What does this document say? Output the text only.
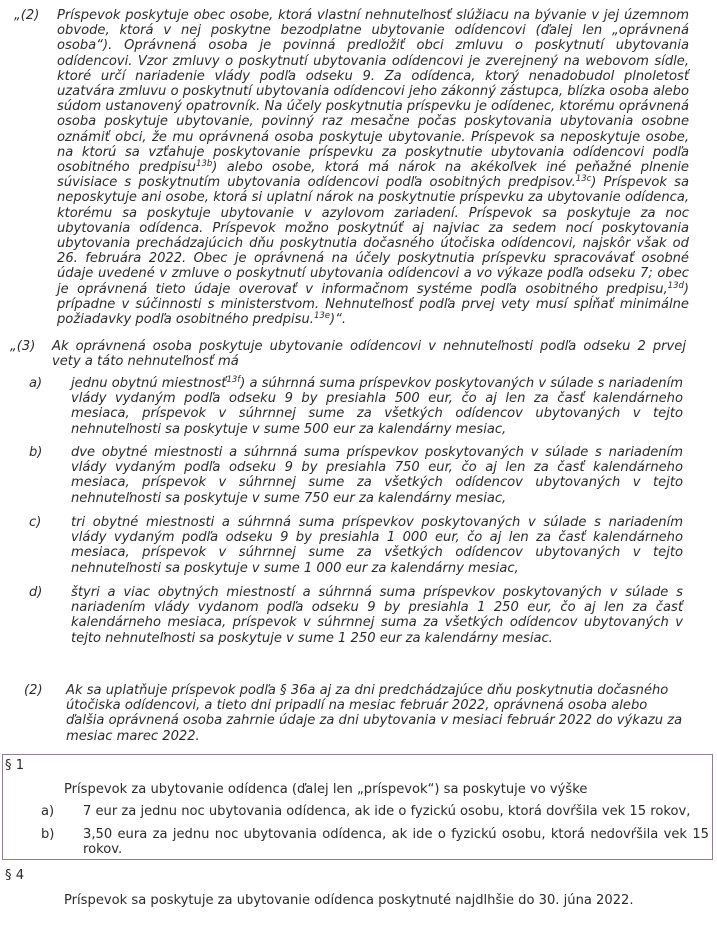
„(2) Príspevok poskytuje obec osobe, ktorá vlastní nehnuteľnosť slúžiacu na bývanie v jej územnom obvode, ktorá v nej poskytne bezodplatne ubytovanie odídencovi (ďalej len „oprávnená osoba“). Oprávnená osoba je povinná predložiť obci zmluvu o poskytnutí ubytovania odídencovi. Vzor zmluvy o poskytnutí ubytovania odídencovi je zverejnený na webovom sídle, ktoré určí nariadenie vlády podľa odseku 9. Za odídenca, ktorý nenadobudol plnoletosť uzatvára zmluvu o poskytnutí ubytovania odídencovi jeho zákonný zástupca, blízka osoba alebo súdom ustanovený opatrovník. Na účely poskytnutia príspevku je odídenec, ktorému oprávnená osoba poskytuje ubytovanie, povinný raz mesačne počas poskytovania ubytovania osobne oznámiť obci, že mu oprávnená osoba poskytuje ubytovanie. Príspevok sa neposkytuje osobe, na ktorú sa vzťahuje poskytovanie príspevku za poskytnutie ubytovania odídencovi podľa osobitného predpisu$^{13b}$) alebo osobe, ktorá má nárok na akékoľvek iné peňažné plnenie súvisiace s poskytnutím ubytovania odídencovi podľa osobitných predpisov.$^{13c}$) Príspevok sa neposkytuje ani osobe, ktorá si uplatní nárok na poskytnutie príspevku za ubytovanie odídenca, ktorému sa poskytuje ubytovanie v azylovom zariadení. Príspevok sa poskytuje za noc ubytovania odídenca. Príspevok možno poskytnúť aj najviac za sedem nocí poskytovania ubytovania prechádzajúcich dňu poskytnutia dočasného útočiska odídencovi, najskôr však od 26. februára 2022. Obec je oprávnená na účely poskytnutia príspevku spracovávať osobné údaje uvedené v zmluve o poskytnutí ubytovania odídencovi a vo výkaze podľa odseku 7; obec je oprávnená tieto údaje overovať v informačnom systéme podľa osobitného predpisu,$^{13d}$) prípadne v súčinnosti s ministerstvom. Nehnuteľnosť podľa prvej vety musí spĺňať minimálne požiadavky podľa osobitného predpisu.$^{13e}$)“.

„(3) Ak oprávnená osoba poskytuje ubytovanie odídencovi v nehnuteľnosti podľa odseku 2 prvej vety a táto nehnuteľnosť má

a) jednu obytnú miestnosť$^{13f}$) a súhrnná suma príspevkov poskytovaných v súlade s nariadením vlády vydaným podľa odseku 9 by presiahla 500 eur, čo aj len za časť kalendárneho mesiaca, príspevok v súhrnnej sume za všetkých odídencov ubytovaných v tejto nehnuteľnosti sa poskytuje v sume 500 eur za kalendárny mesiac,

b) dve obytné miestnosti a súhrnná suma príspevkov poskytovaných v súlade s nariadením vlády vydaným podľa odseku 9 by presiahla 750 eur, čo aj len za časť kalendárneho mesiaca, príspevok v súhrnnej sume za všetkých odídencov ubytovaných v tejto nehnuteľnosti sa poskytuje v sume 750 eur za kalendárny mesiac,

c) tri obytné miestnosti a súhrnná suma príspevkov poskytovaných v súlade s nariadením vlády vydaným podľa odseku 9 by presiahla 1 000 eur, čo aj len za časť kalendárneho mesiaca, príspevok v súhrnnej sume za všetkých odídencov ubytovaných v tejto nehnuteľnosti sa poskytuje v sume 1 000 eur za kalendárny mesiac,

d) štyri a viac obytných miestností a súhrnná suma príspevkov poskytovaných v súlade s nariadením vlády vydanom podľa odseku 9 by presiahla 1 250 eur, čo aj len za časť kalendárneho mesiaca, príspevok v súhrnnej suma za všetkých odídencov ubytovaných v tejto nehnuteľnosti sa poskytuje v sume 1 250 eur za kalendárny mesiac.

(2) Ak sa uplatňuje príspevok podľa § 36a aj za dni predchádzajúce dňu poskytnutia dočasného útočiska odídencovi, a tieto dni pripadlí na mesiac február 2022, oprávnená osoba alebo ďalšia oprávnená osoba zahrnie údaje za dni ubytovania v mesiaci február 2022 do výkazu za mesiac marec 2022.

§ 1

Príspevok za ubytovanie odídenca (ďalej len „príspevok“) sa poskytuje vo výške

a) 7 eur za jednu noc ubytovania odídenca, ak ide o fyzickú osobu, ktorá dovŕšila vek 15 rokov,

b) 3,50 eura za jednu noc ubytovania odídenca, ak ide o fyzickú osobu, ktorá nedovŕšila vek 15 rokov.

§ 4

Príspevok sa poskytuje za ubytovanie odídenca poskytnuté najdlhšie do 30. júna 2022.
